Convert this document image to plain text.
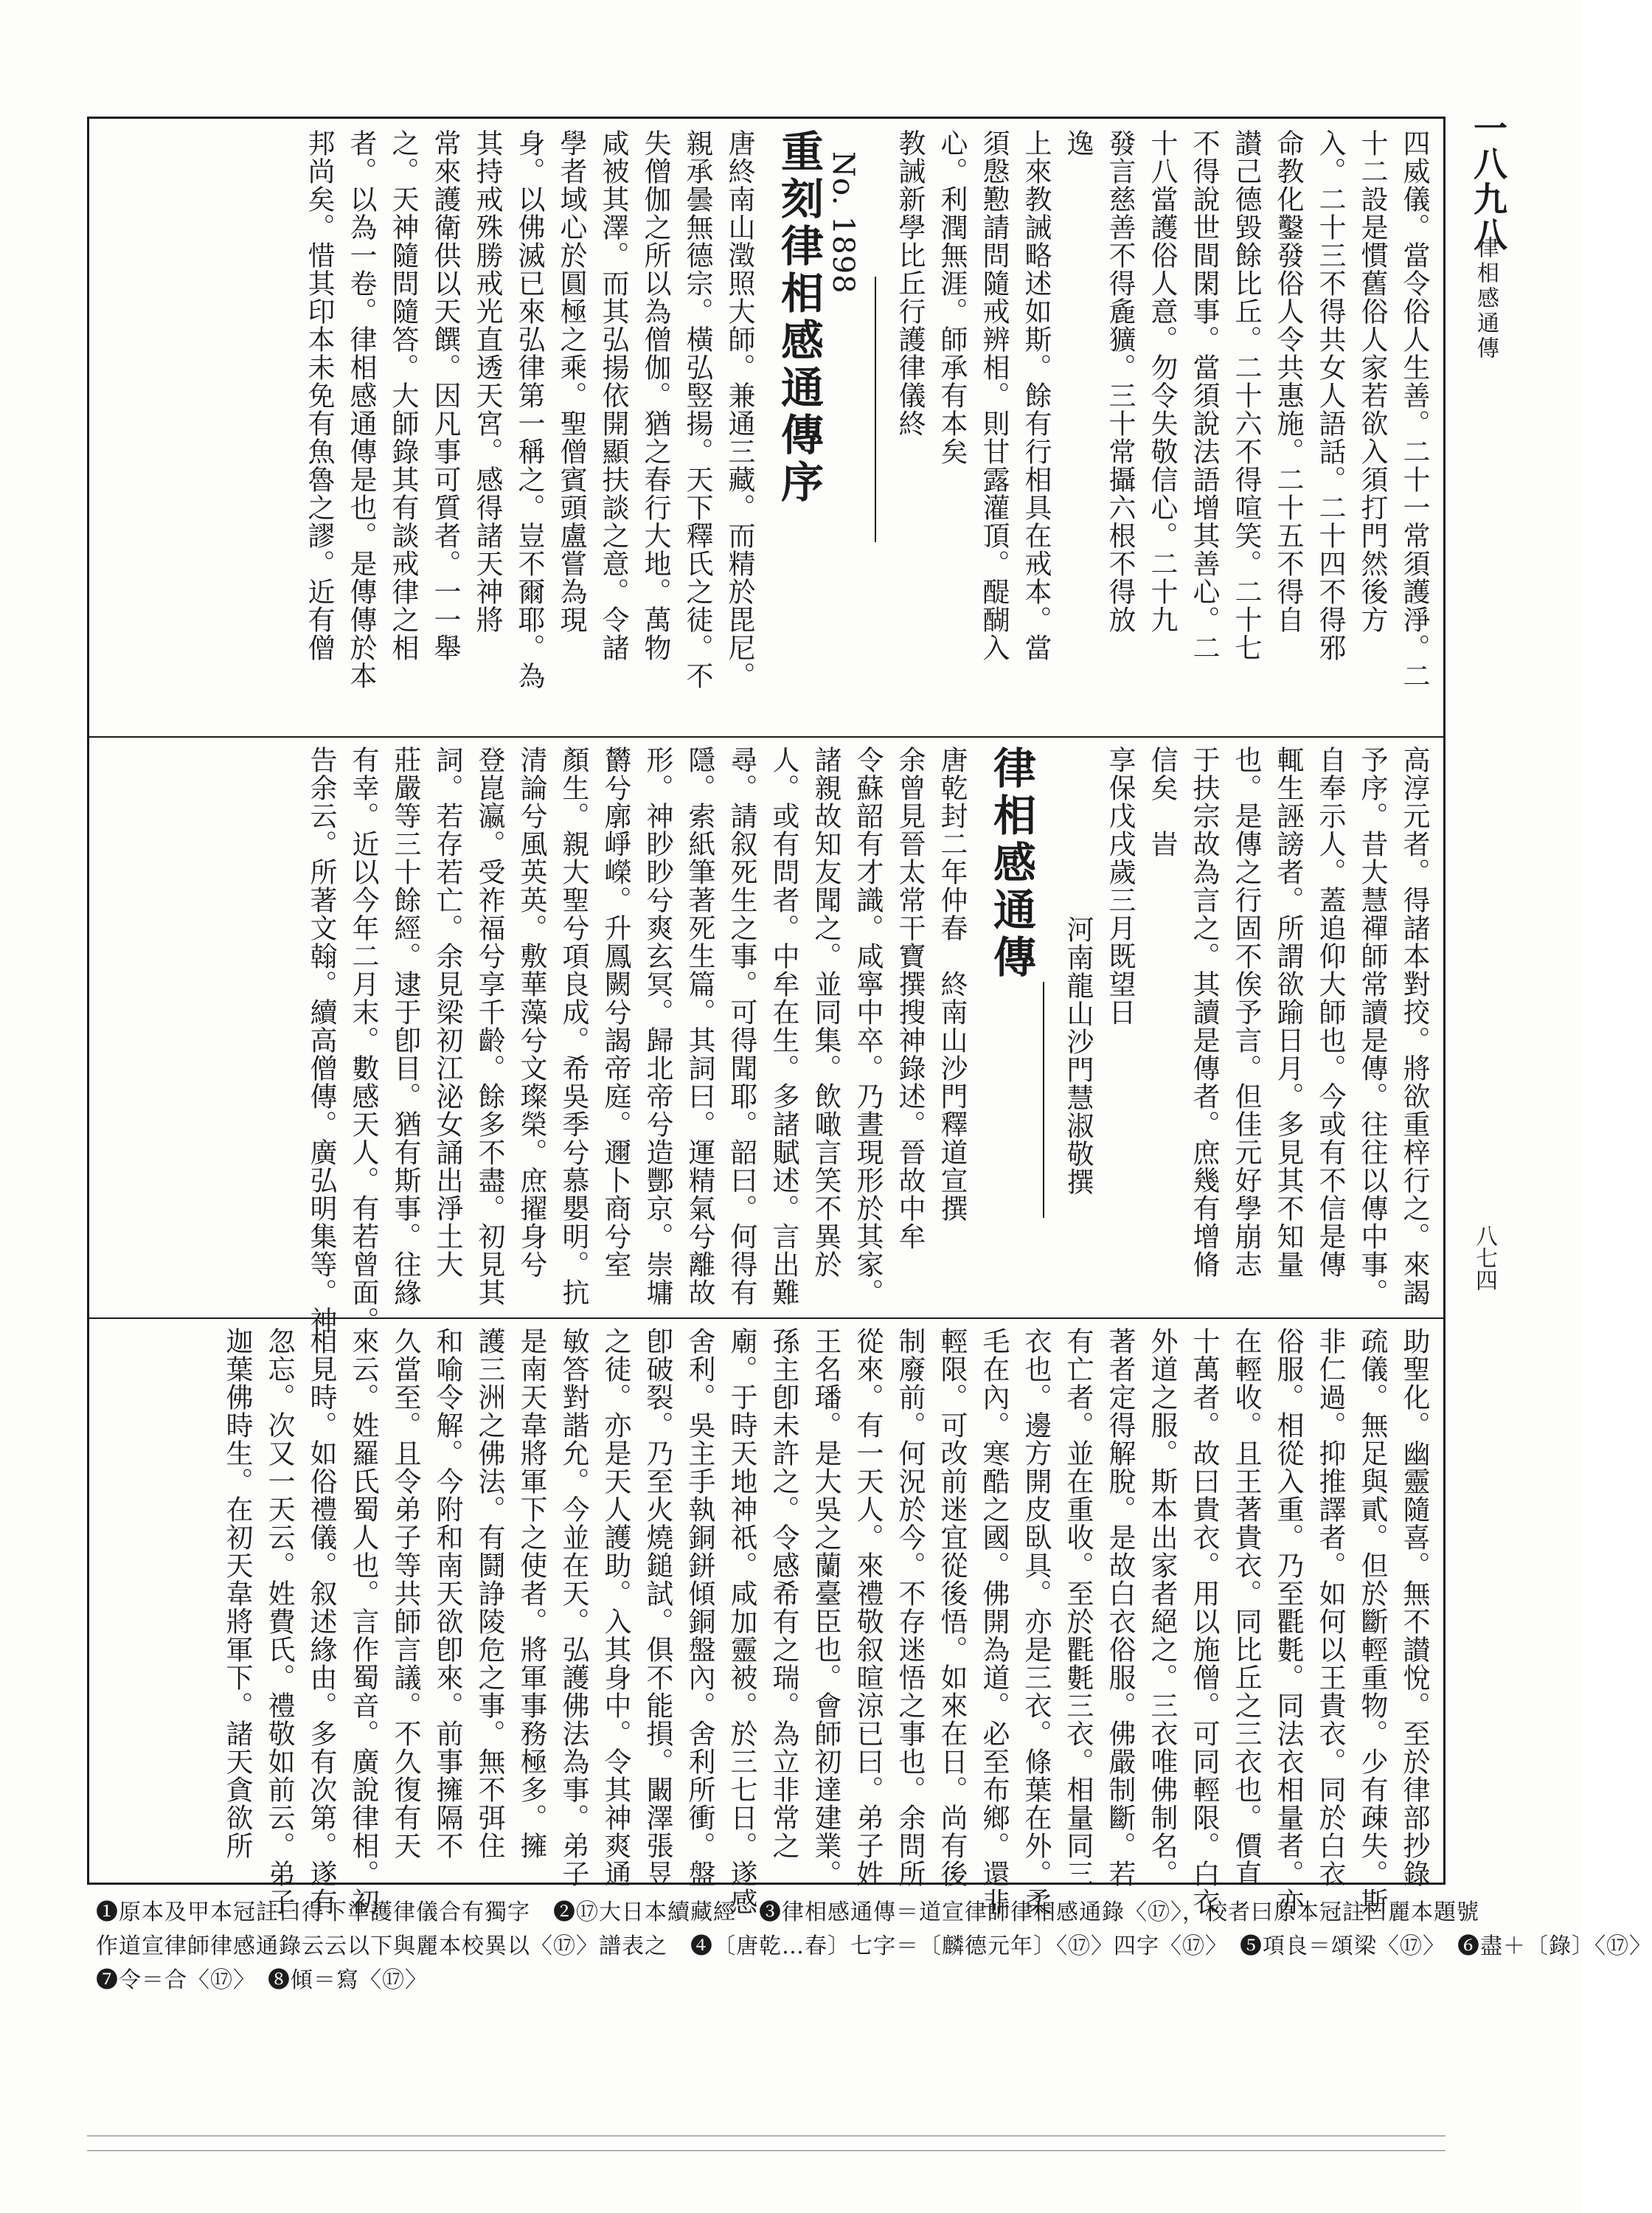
一八九八
律相感通傳
八七四
四威儀。當令俗人生善。二十一常須護淨。二
十二設是慣舊俗人家若欲入須打門然後方
入。二十三不得共女人語話。二十四不得邪
命教化鑿發俗人令共惠施。二十五不得自
讃己德毀餘比丘。二十六不得喧笑。二十七
不得說世間閑事。當須說法語增其善心。二
十八當護俗人意。勿令失敬信心。二十九
發言慈善不得麁獷。三十常攝六根不得放
逸
上來教誡略述如斯。餘有行相具在戒本。當
須慇懃請問隨戒辨相。則甘露灌頂。醍醐入
心。利潤無涯。師承有本矣
教誡新學比丘行護律儀終
No. 1898
重刻律相感通傳序
唐終南山澂照大師。兼通三藏。而精於毘尼。
親承曇無德宗。橫弘竪揚。天下釋氏之徒。不
失僧伽之所以為僧伽。猶之春行大地。萬物
咸被其澤。而其弘揚依開顯扶談之意。令諸
學者域心於圓極之乘。聖僧賓頭盧嘗為現
身。以佛滅已來弘律第一稱之。豈不爾耶。為
其持戒殊勝戒光直透天宮。感得諸天神將
常來護衛供以天饌。因凡事可質者。一一舉
之。天神隨問隨答。大師錄其有談戒律之相
者。以為一卷。律相感通傳是也。是傳傳於本
邦尚矣。惜其印本未免有魚魯之謬。近有僧
高淳元者。得諸本對挍。將欲重梓行之。來謁
予序。昔大慧禪師常讀是傳。往往以傳中事。
自奉示人。蓋追仰大師也。今或有不信是傳
輒生誣謗者。所謂欲踰日月。多見其不知量
也。是傳之行固不俟予言。但佳元好學崩志
于扶宗故為言之。其讀是傳者。庶幾有增脩
信矣　旹
享保戊戌歲三月既望日
河南龍山沙門慧淑敬撰
律相感通傳
唐乾封二年仲春　終南山沙門釋道宣撰
余曾見晉太常干寶撰搜神錄述。晉故中牟
令蘇韶有才識。咸寧中卒。乃晝現形於其家。
諸親故知友聞之。並同集。飲噉言笑不異於
人。或有問者。中牟在生。多諸賦述。言出難
尋。請叙死生之事。可得聞耶。韶曰。何得有
隱。索紙筆著死生篇。其詞曰。運精氣兮離故
形。神眇眇兮爽玄冥。歸北帝兮造酆京。崇墉
欝兮廓崢嶸。升鳳闕兮謁帝庭。邇卜商兮室
顏生。親大聖兮項良成。希吳季兮慕嬰明。抗
清論兮風英英。敷華藻兮文璨榮。庶擢身兮
登崑瀛。受祚福兮享千齡。餘多不盡。初見其
詞。若存若亡。余見梁初江泌女誦出淨土大
莊嚴等三十餘經。逮于卽目。猶有斯事。往緣
有幸。近以今年二月末。數感天人。有若曾面。
告余云。所著文翰。續高僧傳。廣弘明集等。神
助聖化。幽靈隨喜。無不讃悅。至於律部抄錄
疏儀。無足與貳。但於斷輕重物。少有疎失。斯
非仁過。抑推譯者。如何以王貴衣。同於白衣
俗服。相從入重。乃至氍氀。同法衣相量者。亦
在輕收。且王著貴衣。同比丘之三衣也。價直
十萬者。故曰貴衣。用以施僧。可同輕限。白衣
外道之服。斯本出家者絕之。三衣唯佛制名。
著者定得解脫。是故白衣俗服。佛嚴制斷。若
有亡者。並在重收。至於氍氀三衣。相量同三
衣也。邊方開皮臥具。亦是三衣。條葉在外。柔
毛在內。寒酷之國。佛開為道。必至布鄉。還非
輕限。可改前迷宜從後悟。如來在日。尚有後
制廢前。何況於今。不存迷悟之事也。余問所
從來。有一天人。來禮敬叙暄涼已曰。弟子姓
王名璠。是大吳之蘭臺臣也。會師初達建業。
孫主卽未許之。令感希有之瑞。為立非常之
廟。于時天地神祇。咸加靈被。於三七日。遂感
舍利。吳主手執銅鉼傾銅盤內。舍利所衝。盤
卽破裂。乃至火燒鎚試。俱不能損。闞澤張昱
之徒。亦是天人護助。入其身中。令其神爽通
敏答對諧允。今並在天。弘護佛法為事。弟子
是南天韋將軍下之使者。將軍事務極多。擁
護三洲之佛法。有鬪諍陵危之事。無不弭住
和喻令解。今附和南天欲卽來。前事擁隔不
久當至。且令弟子等共師言議。不久復有天
來云。姓羅氏蜀人也。言作蜀音。廣說律相。初
相見時。如俗禮儀。叙述緣由。多有次第。遂有
忽忘。次又一天云。姓費氏。禮敬如前云。弟子
迦葉佛時生。在初天韋將軍下。諸天貪欲所
❶原本及甲本冠註曰得下準護律儀合有獨字　❷⑰大日本續藏經　❸律相感通傳＝道宣律師律相感通錄〈⑰〉，校者曰原本冠註曰麗本題號
作道宣律師律感通錄云云以下與麗本校異以〈⑰〉譜表之　❹〔唐乾…春〕七字＝〔麟德元年〕〈⑰〉四字〈⑰〉　❺項良＝頌梁〈⑰〉　❻盡＋〔錄〕〈⑰〉
❼令＝合〈⑰〉　❽傾＝寫〈⑰〉
